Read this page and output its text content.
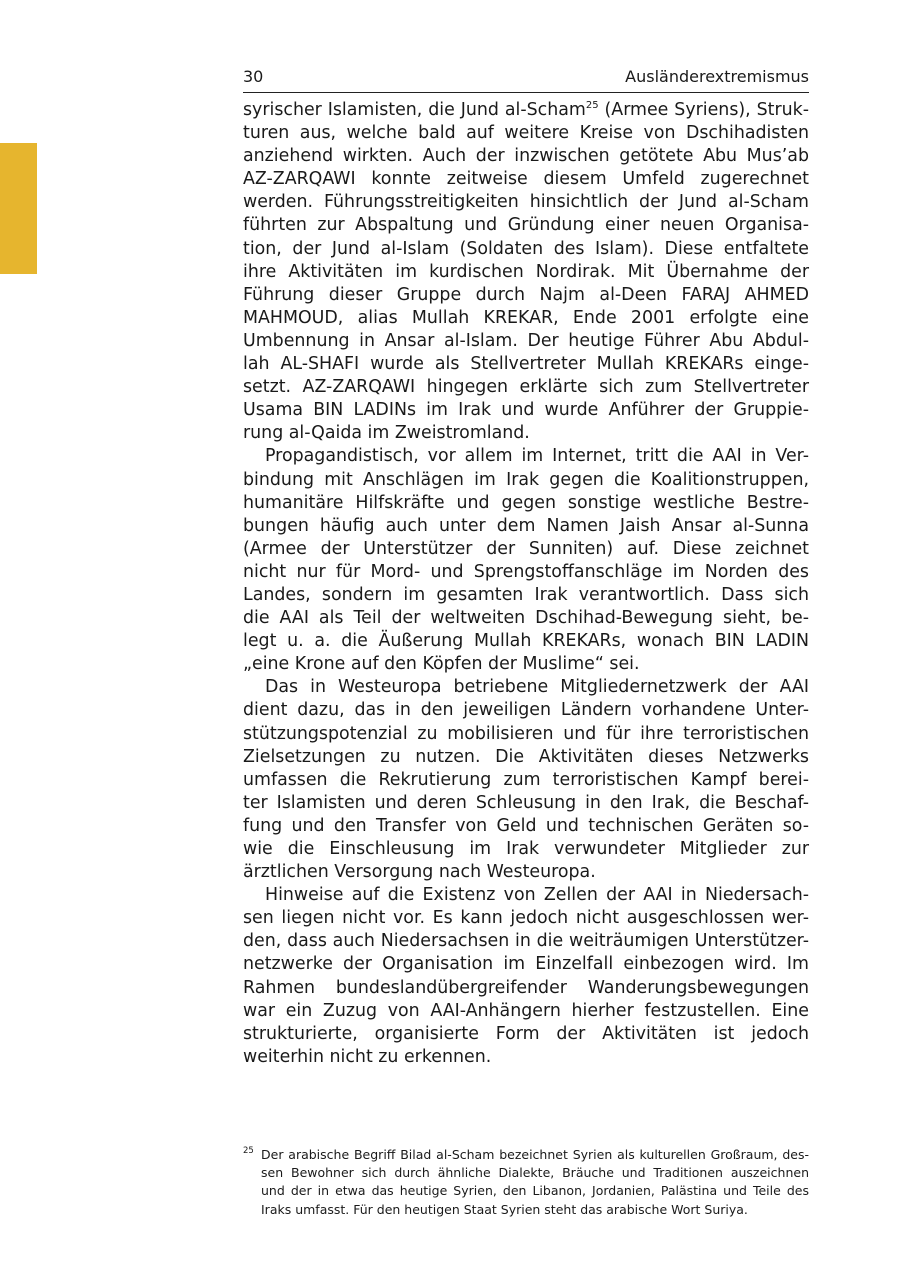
30	Ausländerextremismus
syrischer Islamisten, die Jund al-Scham$^{25}$ (Armee Syriens), Struk-
turen aus, welche bald auf weitere Kreise von Dschihadisten
anziehend wirkten. Auch der inzwischen getötete Abu Mus’ab
AZ-ZARQAWI konnte zeitweise diesem Umfeld zugerechnet
werden. Führungsstreitigkeiten hinsichtlich der Jund al-Scham
führten zur Abspaltung und Gründung einer neuen Organisa-
tion, der Jund al-Islam (Soldaten des Islam). Diese entfaltete
ihre Aktivitäten im kurdischen Nordirak. Mit Übernahme der
Führung dieser Gruppe durch Najm al-Deen FARAJ AHMED
MAHMOUD, alias Mullah KREKAR, Ende 2001 erfolgte eine
Umbennung in Ansar al-Islam. Der heutige Führer Abu Abdul-
lah AL-SHAFI wurde als Stellvertreter Mullah KREKARs einge-
setzt. AZ-ZARQAWI hingegen erklärte sich zum Stellvertreter
Usama BIN LADINs im Irak und wurde Anführer der Gruppie-
rung al-Qaida im Zweistromland.
Propagandistisch, vor allem im Internet, tritt die AAI in Ver-
bindung mit Anschlägen im Irak gegen die Koalitionstruppen,
humanitäre Hilfskräfte und gegen sonstige westliche Bestre-
bungen häufig auch unter dem Namen Jaish Ansar al-Sunna
(Armee der Unterstützer der Sunniten) auf. Diese zeichnet
nicht nur für Mord- und Sprengstoffanschläge im Norden des
Landes, sondern im gesamten Irak verantwortlich. Dass sich
die AAI als Teil der weltweiten Dschihad-Bewegung sieht, be-
legt u. a. die Äußerung Mullah KREKARs, wonach BIN LADIN
„eine Krone auf den Köpfen der Muslime“ sei.
Das in Westeuropa betriebene Mitgliedernetzwerk der AAI
dient dazu, das in den jeweiligen Ländern vorhandene Unter-
stützungspotenzial zu mobilisieren und für ihre terroristischen
Zielsetzungen zu nutzen. Die Aktivitäten dieses Netzwerks
umfassen die Rekrutierung zum terroristischen Kampf berei-
ter Islamisten und deren Schleusung in den Irak, die Beschaf-
fung und den Transfer von Geld und technischen Geräten so-
wie die Einschleusung im Irak verwundeter Mitglieder zur
ärztlichen Versorgung nach Westeuropa.
Hinweise auf die Existenz von Zellen der AAI in Niedersach-
sen liegen nicht vor. Es kann jedoch nicht ausgeschlossen wer-
den, dass auch Niedersachsen in die weiträumigen Unterstützer-
netzwerke der Organisation im Einzelfall einbezogen wird. Im
Rahmen bundeslandübergreifender Wanderungsbewegungen
war ein Zuzug von AAI-Anhängern hierher festzustellen. Eine
strukturierte, organisierte Form der Aktivitäten ist jedoch
weiterhin nicht zu erkennen.
25 Der arabische Begriff Bilad al-Scham bezeichnet Syrien als kulturellen Großraum, des-
sen Bewohner sich durch ähnliche Dialekte, Bräuche und Traditionen auszeichnen
und der in etwa das heutige Syrien, den Libanon, Jordanien, Palästina und Teile des
Iraks umfasst. Für den heutigen Staat Syrien steht das arabische Wort Suriya.
